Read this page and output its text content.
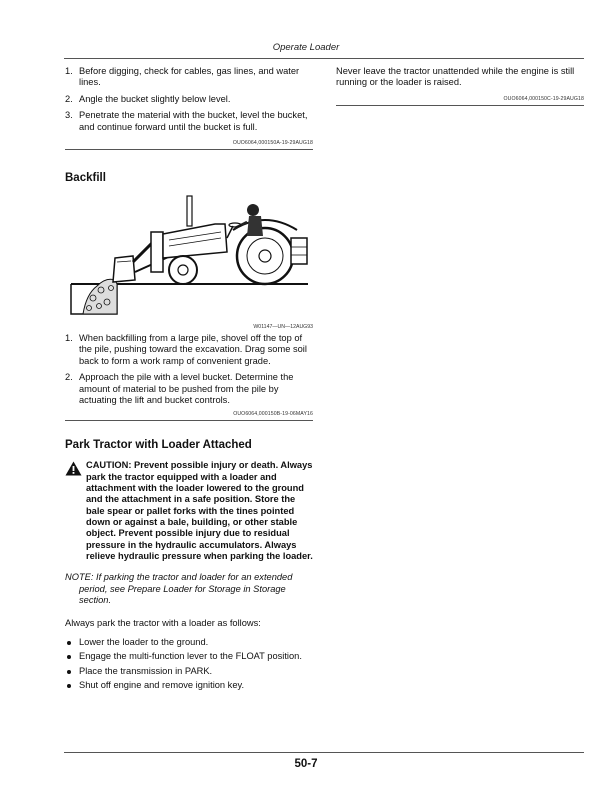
Operate Loader
1. Before digging, check for cables, gas lines, and water lines.
2. Angle the bucket slightly below level.
3. Penetrate the material with the bucket, level the bucket, and continue forward until the bucket is full.
OUO6064,000150A-19-29AUG18
Backfill
W01147—UN—12AUG93
1. When backfilling from a large pile, shovel off the top of the pile, pushing toward the excavation. Drag some soil back to form a work ramp of convenient grade.
2. Approach the pile with a level bucket. Determine the amount of material to be pushed from the pile by actuating the lift and bucket controls.
OUO6064,000150B-19-06MAY16
Park Tractor with Loader Attached

CAUTION: Prevent possible injury or death. Always park the tractor equipped with a loader and attachment with the loader lowered to the ground and the attachment in a safe position. Store the bale spear or pallet forks with the tines pointed down or against a bale, building, or other stable object. Prevent possible injury due to residual pressure in the hydraulic accumulators. Always relieve hydraulic pressure when parking the loader.

NOTE: If parking the tractor and loader for an extended period, see Prepare Loader for Storage in Storage section.
Always park the tractor with a loader as follows:
Lower the loader to the ground.
Engage the multi-function lever to the FLOAT position.
Place the transmission in PARK.
Shut off engine and remove ignition key.

Never leave the tractor unattended while the engine is still running or the loader is raised.

OUO6064,000150C-19-29AUG18
50-7
